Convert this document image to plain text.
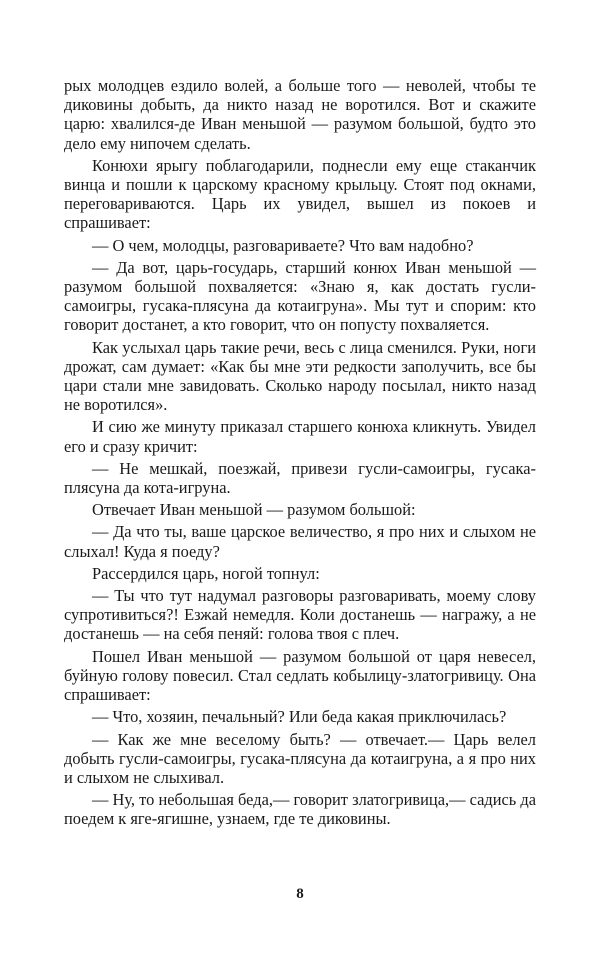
рых молодцев ездило волей, а больше того — неволей, чтобы те диковины добыть, да никто назад не воротился. Вот и скажите царю: хвалился-де Иван меньшой — разумом большой, будто это дело ему нипочем сделать.

Конюхи ярыгу поблагодарили, поднесли ему еще стаканчик винца и пошли к царскому красному крыльцу. Стоят под окнами, переговариваются. Царь их увидел, вышел из покоев и спрашивает:

— О чем, молодцы, разговариваете? Что вам надобно?

— Да вот, царь-государь, старший конюх Иван меньшой — разумом большой похваляется: «Знаю я, как достать гусли-самоигры, гусака-плясуна да котаигруна». Мы тут и спорим: кто говорит достанет, а кто говорит, что он попусту похваляется.

Как услыхал царь такие речи, весь с лица сменился. Руки, ноги дрожат, сам думает: «Как бы мне эти редкости заполучить, все бы цари стали мне завидовать. Сколько народу посылал, никто назад не воротился».

И сию же минуту приказал старшего конюха кликнуть. Увидел его и сразу кричит:

— Не мешкай, поезжай, привези гусли-самоигры, гусака-плясуна да кота-игруна.

Отвечает Иван меньшой — разумом большой:

— Да что ты, ваше царское величество, я про них и слыхом не слыхал! Куда я поеду?

Рассердился царь, ногой топнул:

— Ты что тут надумал разговоры разговаривать, моему слову супротивиться?! Езжай немедля. Коли достанешь — награжу, а не достанешь — на себя пеняй: голова твоя с плеч.

Пошел Иван меньшой — разумом большой от царя невесел, буйную голову повесил. Стал седлать кобылицу-златогривицу. Она спрашивает:

— Что, хозяин, печальный? Или беда какая приключилась?

— Как же мне веселому быть? — отвечает.— Царь велел добыть гусли-самоигры, гусака-плясуна да котаигруна, а я про них и слыхом не слыхивал.

— Ну, то небольшая беда,— говорит златогривица,— садись да поедем к яге-ягишне, узнаем, где те диковины.

8
